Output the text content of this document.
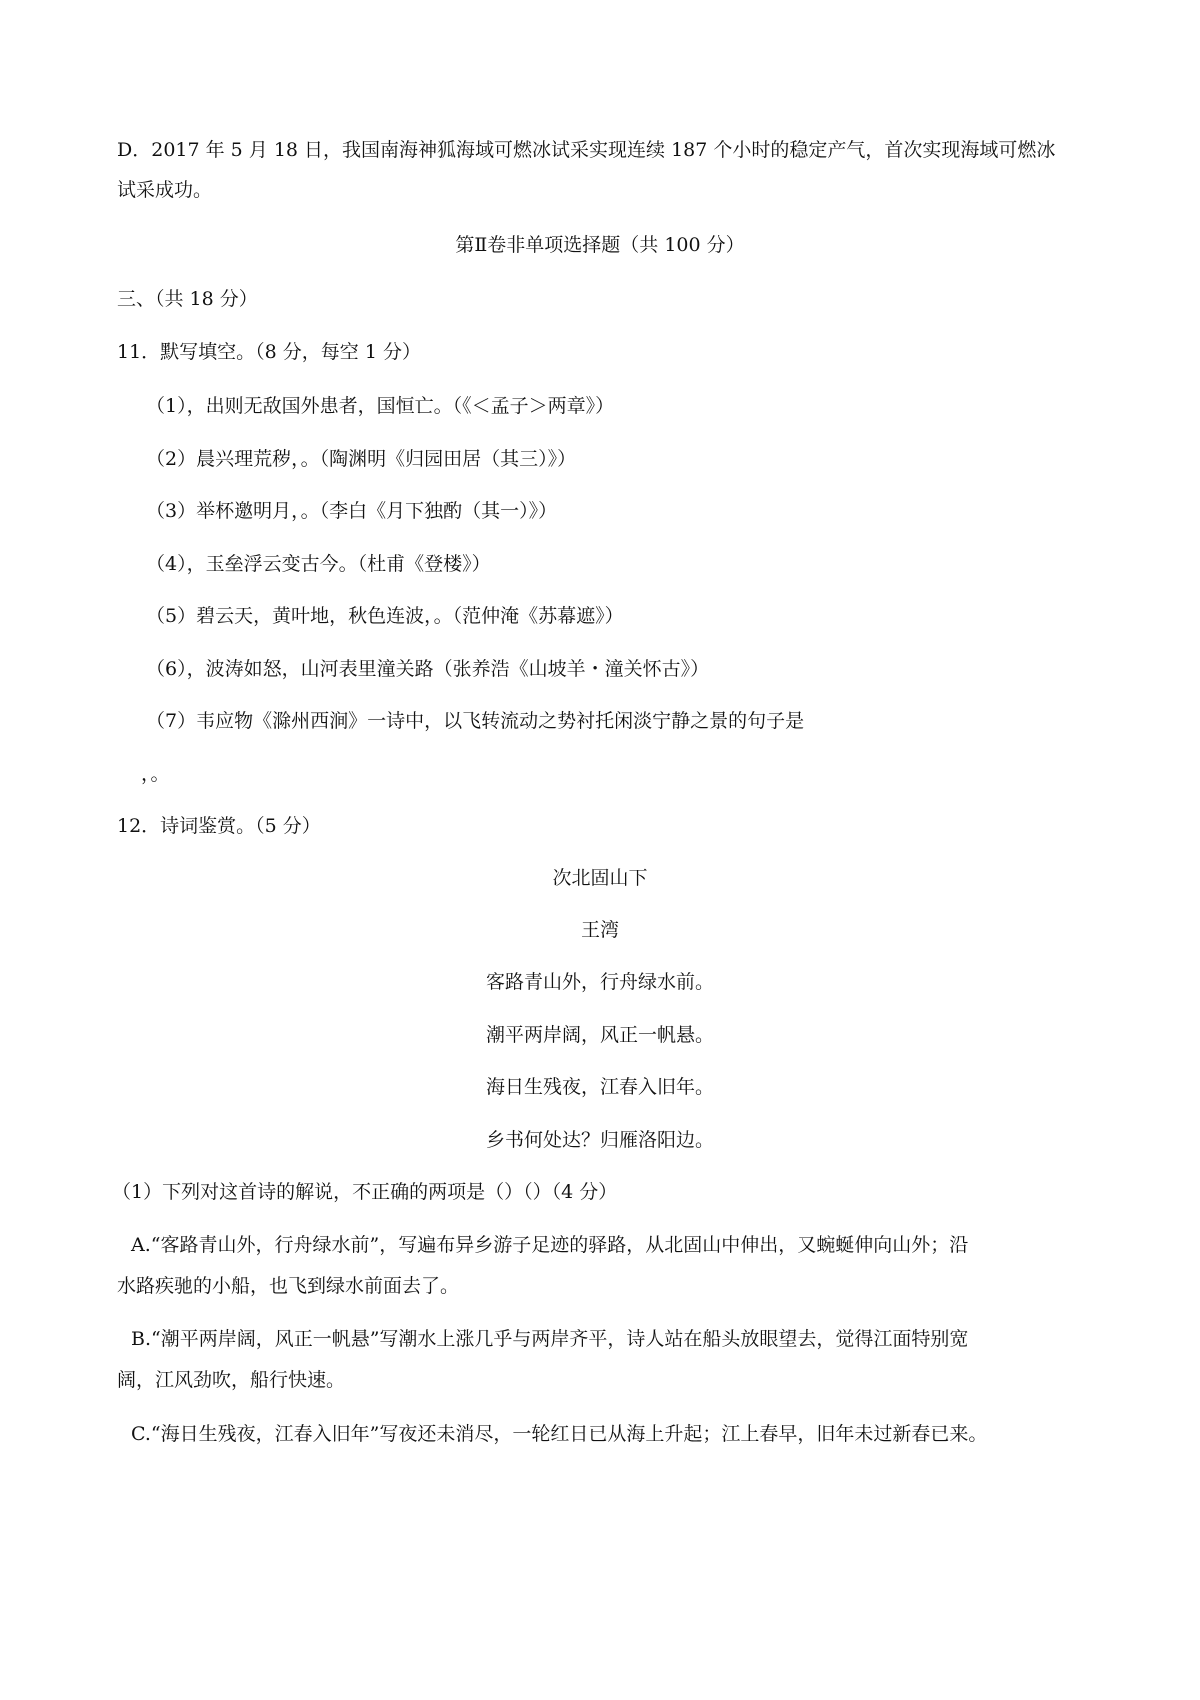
D．2017 年 5 月 18 日，我国南海神狐海域可燃冰试采实现连续 187 个小时的稳定产气，首次实现海域可燃冰
试采成功。
第Ⅱ卷非单项选择题（共 100 分）
三、（共 18 分）
11．默写填空。（8 分，每空 1 分）
（1），出则无敌国外患者，国恒亡。（《＜孟子＞两章》）
（2）晨兴理荒秽，。（陶渊明《归园田居（其三）》）
（3）举杯邀明月，。（李白《月下独酌（其一）》）
（4），玉垒浮云变古今。（杜甫《登楼》）
（5）碧云天，黄叶地，秋色连波，。（范仲淹《苏幕遮》）
（6），波涛如怒，山河表里潼关路（张养浩《山坡羊・潼关怀古》）
（7）韦应物《滁州西涧》一诗中，以飞转流动之势衬托闲淡宁静之景的句子是
，。
12．诗词鉴赏。（5 分）
次北固山下
王湾
客路青山外，行舟绿水前。
潮平两岸阔，风正一帆悬。
海日生残夜，江春入旧年。
乡书何处达？归雁洛阳边。
（1）下列对这首诗的解说，不正确的两项是（）（）（4 分）
A.“客路青山外，行舟绿水前”，写遍布异乡游子足迹的驿路，从北固山中伸出，又蜿蜒伸向山外；沿
水路疾驰的小船，也飞到绿水前面去了。
B.“潮平两岸阔，风正一帆悬”写潮水上涨几乎与两岸齐平，诗人站在船头放眼望去，觉得江面特别宽
阔，江风劲吹，船行快速。
C.“海日生残夜，江春入旧年”写夜还未消尽，一轮红日已从海上升起；江上春早，旧年未过新春已来。
